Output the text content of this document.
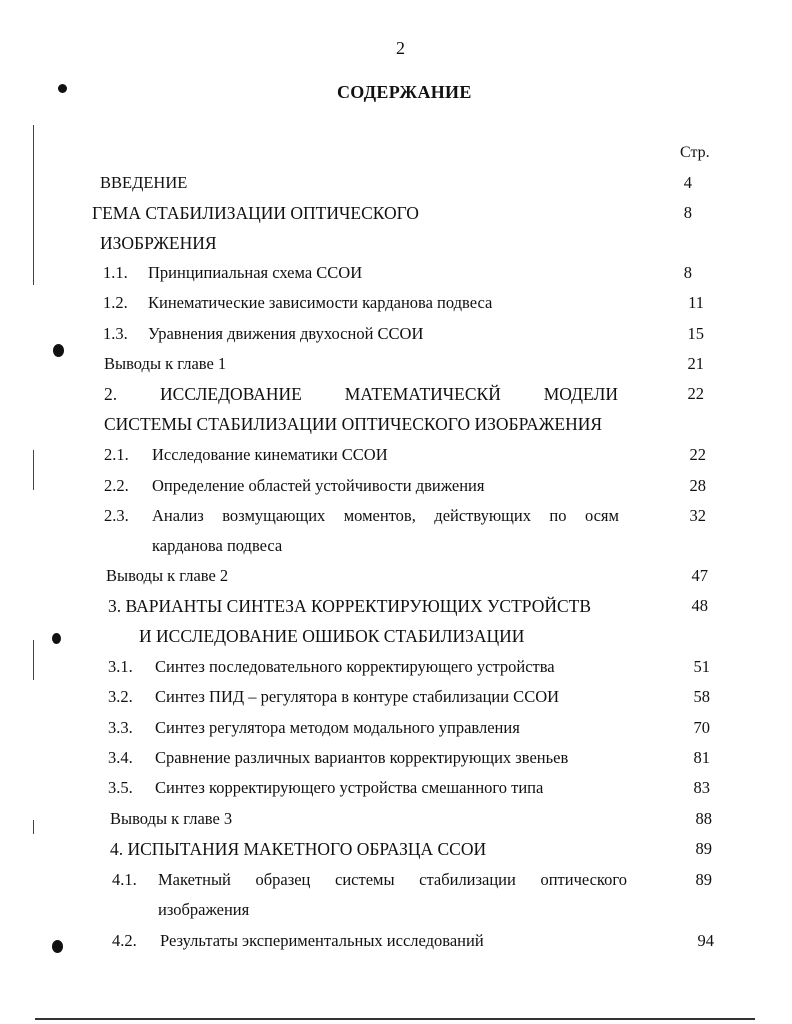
2
СОДЕРЖАНИЕ
Стр.
ВВЕДЕНИЕ	4
ГЕМА СТАБИЛИЗАЦИИ ОПТИЧЕСКОГО	8
ИЗОБРЖЕНИЯ
1.1. Принципиальная схема ССОИ	8
1.2. Кинематические зависимости карданова подвеса	11
1.3. Уравнения движения двухосной ССОИ	15
Выводы к главе 1	21
2. ИССЛЕДОВАНИЕ МАТЕМАТИЧЕСКЙ МОДЕЛИ	22
СИСТЕМЫ СТАБИЛИЗАЦИИ ОПТИЧЕСКОГО ИЗОБРАЖЕНИЯ
2.1. Исследование кинематики ССОИ	22
2.2. Определение областей устойчивости движения	28
2.3. Анализ возмущающих моментов, действующих по осям	32
карданова подвеса
Выводы к главе 2	47
3. ВАРИАНТЫ СИНТЕЗА КОРРЕКТИРУЮЩИХ УСТРОЙСТВ	48
И ИССЛЕДОВАНИЕ ОШИБОК СТАБИЛИЗАЦИИ
3.1. Синтез последовательного корректирующего устройства	51
3.2. Синтез ПИД – регулятора в контуре стабилизации ССОИ	58
3.3. Синтез регулятора методом модального управления	70
3.4. Сравнение различных вариантов корректирующих звеньев	81
3.5. Синтез корректирующего устройства смешанного типа	83
Выводы к главе 3	88
4. ИСПЫТАНИЯ МАКЕТНОГО ОБРАЗЦА ССОИ	89
4.1. Макетный образец системы стабилизации оптического	89
изображения
4.2. Результаты экспериментальных исследований	94
